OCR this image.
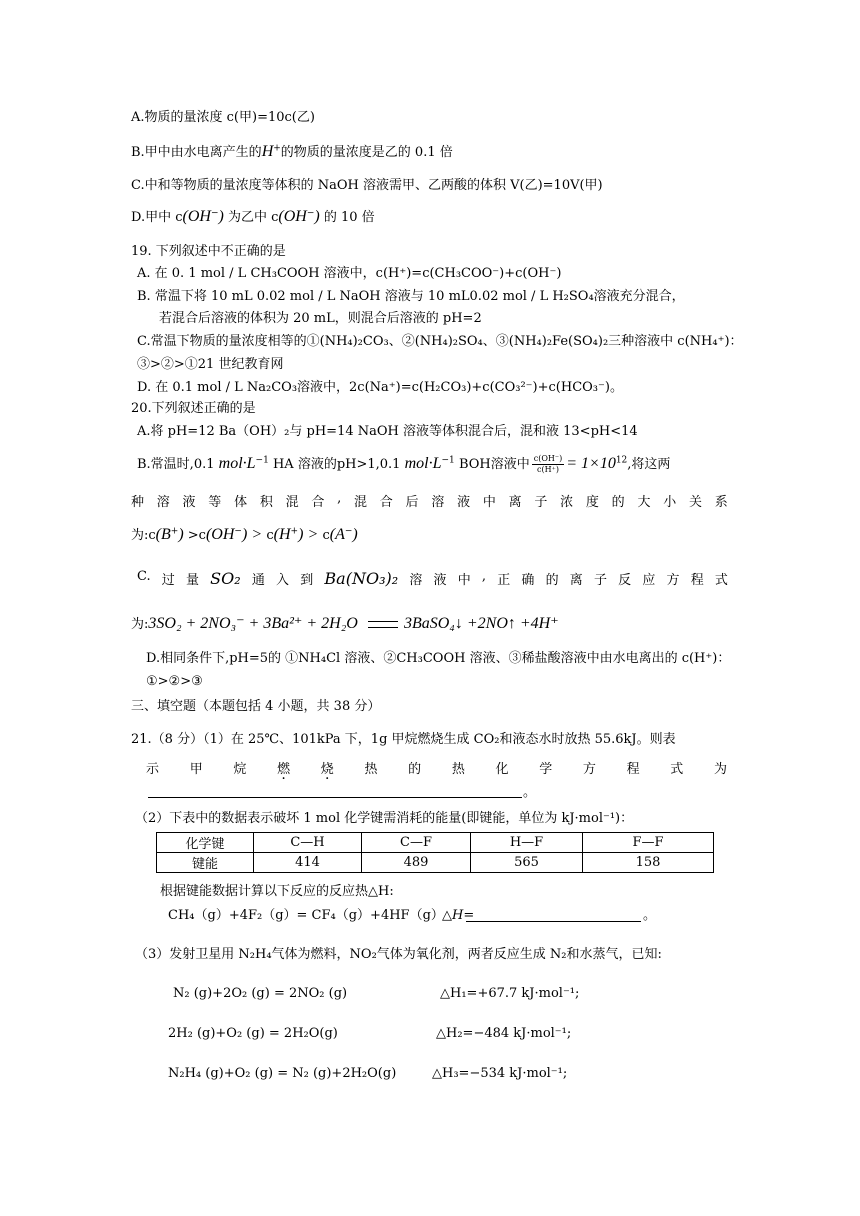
A.物质的量浓度 c(甲)=10c(乙)
B.甲中由水电离产生的H+的物质的量浓度是乙的 0.1 倍
C.中和等物质的量浓度等体积的 NaOH 溶液需甲、乙两酸的体积 V(乙)=10V(甲)
D.甲中 c(OH−) 为乙中 c(OH−) 的 10 倍
19. 下列叙述中不正确的是
A. 在 0. 1 mol / L CH₃COOH 溶液中，c(H⁺)=c(CH₃COO⁻)+c(OH⁻)
B. 常温下将 10 mL 0.02 mol / L NaOH 溶液与 10 mL0.02 mol / L H₂SO₄溶液充分混合，
若混合后溶液的体积为 20 mL，则混合后溶液的 pH=2
C.常温下物质的量浓度相等的①(NH₄)₂CO₃、②(NH₄)₂SO₄、③(NH₄)₂Fe(SO₄)₂三种溶液中 c(NH₄⁺)：
③>②>①21 世纪教育网
D. 在 0.1 mol / L Na₂CO₃溶液中，2c(Na⁺)=c(H₂CO₃)+c(CO₃²⁻)+c(HCO₃⁻)。
20.下列叙述正确的是
A.将 pH=12 Ba（OH）₂与 pH=14 NaOH 溶液等体积混合后，混和液 13<pH<14
B.常温时,0.1 $mol\cdot L^{-1}$ HA 溶液的pH>1,0.1 $mol\cdot L^{-1}$ BOH溶液中 $\frac{c(OH^-)}{c(H^+)} = 1\times 10^{12}$,将这两
种 溶 液 等 体 积 混 合 , 混 合 后 溶 液 中 离 子 浓 度 的 大 小 关 系
为:c(B+) >c(OH−) > c(H+) > c(A−)
C. 过 量 SO₂ 通 入 到 Ba(NO₃)₂ 溶 液 中 , 正 确 的 离 子 反 应 方 程 式
为:3SO₂ + 2NO₃⁻ + 3Ba²⁺ + 2H₂O	3BaSO₄↓ +2NO↑ +4H⁺
D.相同条件下,pH=5的 ①NH₄Cl 溶液、②CH₃COOH 溶液、③稀盐酸溶液中由水电离出的 c(H⁺)：
①>②>③
三、填空题（本题包括 4 小题，共 38 分）
21.（8 分）（1）在 25℃、101kPa 下，1g 甲烷燃烧生成 CO₂和液态水时放热 55.6kJ。则表
示 甲 烷 燃 · 烧 · 热 的 热 化 学 方 程 式 为
。
（2）下表中的数据表示破坏 1 mol 化学键需消耗的能量(即键能，单位为 kJ·mol⁻¹)：
化学键	C—H	C—F	H—F	F—F
键能	414	489	565	158
根据键能数据计算以下反应的反应热△H:
CH₄（g）+4F₂（g）= CF₄（g）+4HF（g）
△H=	。
（3）发射卫星用 N₂H₄气体为燃料，NO₂气体为氧化剂，两者反应生成 N₂和水蒸气，已知:
N₂ (g)+2O₂ (g) = 2NO₂ (g)	△H₁=+67.7 kJ·mol⁻¹;
2H₂ (g)+O₂ (g) = 2H₂O(g)	△H₂=−484 kJ·mol⁻¹;
N₂H₄ (g)+O₂ (g) = N₂ (g)+2H₂O(g)	△H₃=−534 kJ·mol⁻¹;
